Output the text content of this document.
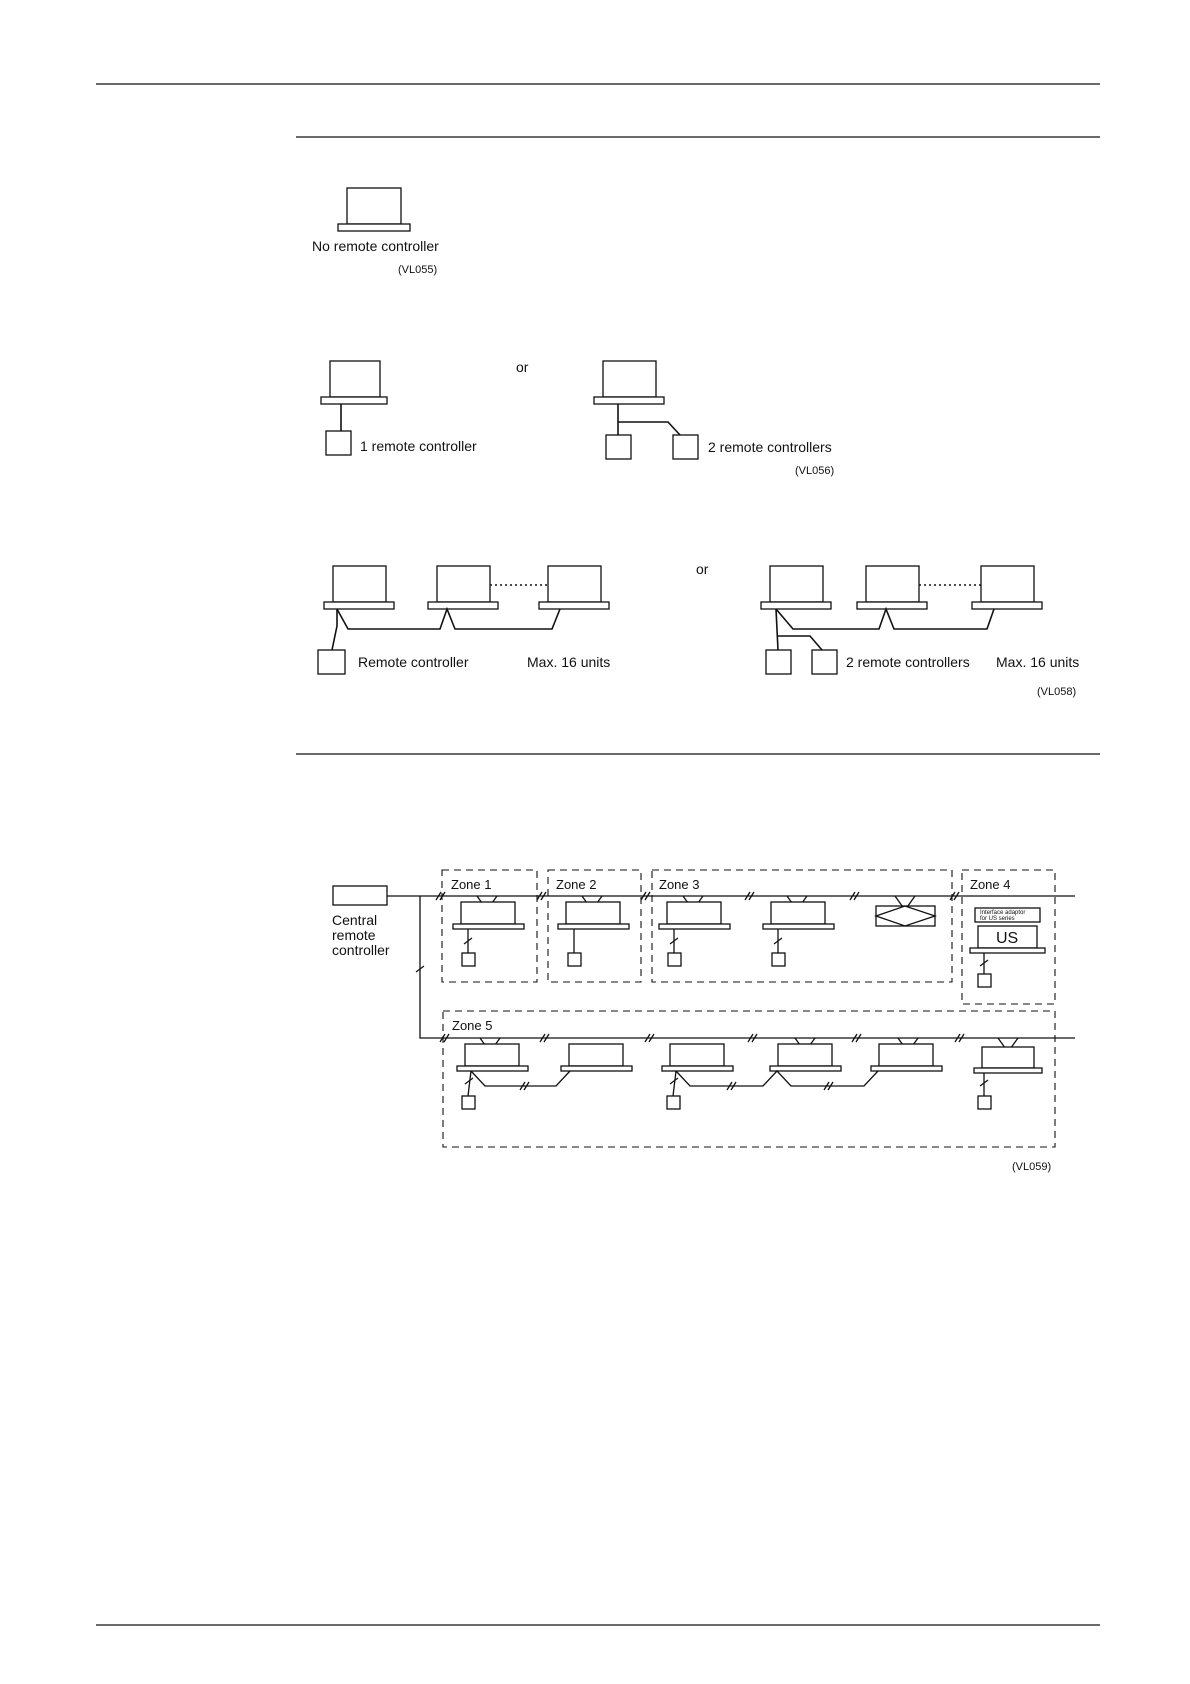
No remote controller
(VL055)
1 remote controller
or
2 remote controllers
(VL056)
Remote controller	Max. 16 units
or
2 remote controllers Max. 16 units
(VL058)
Central
remote
controller
Zone 1	Zone 2	Zone 3	Zone 4
Zone 5
Interface adaptor
for US series
US
(VL059)
